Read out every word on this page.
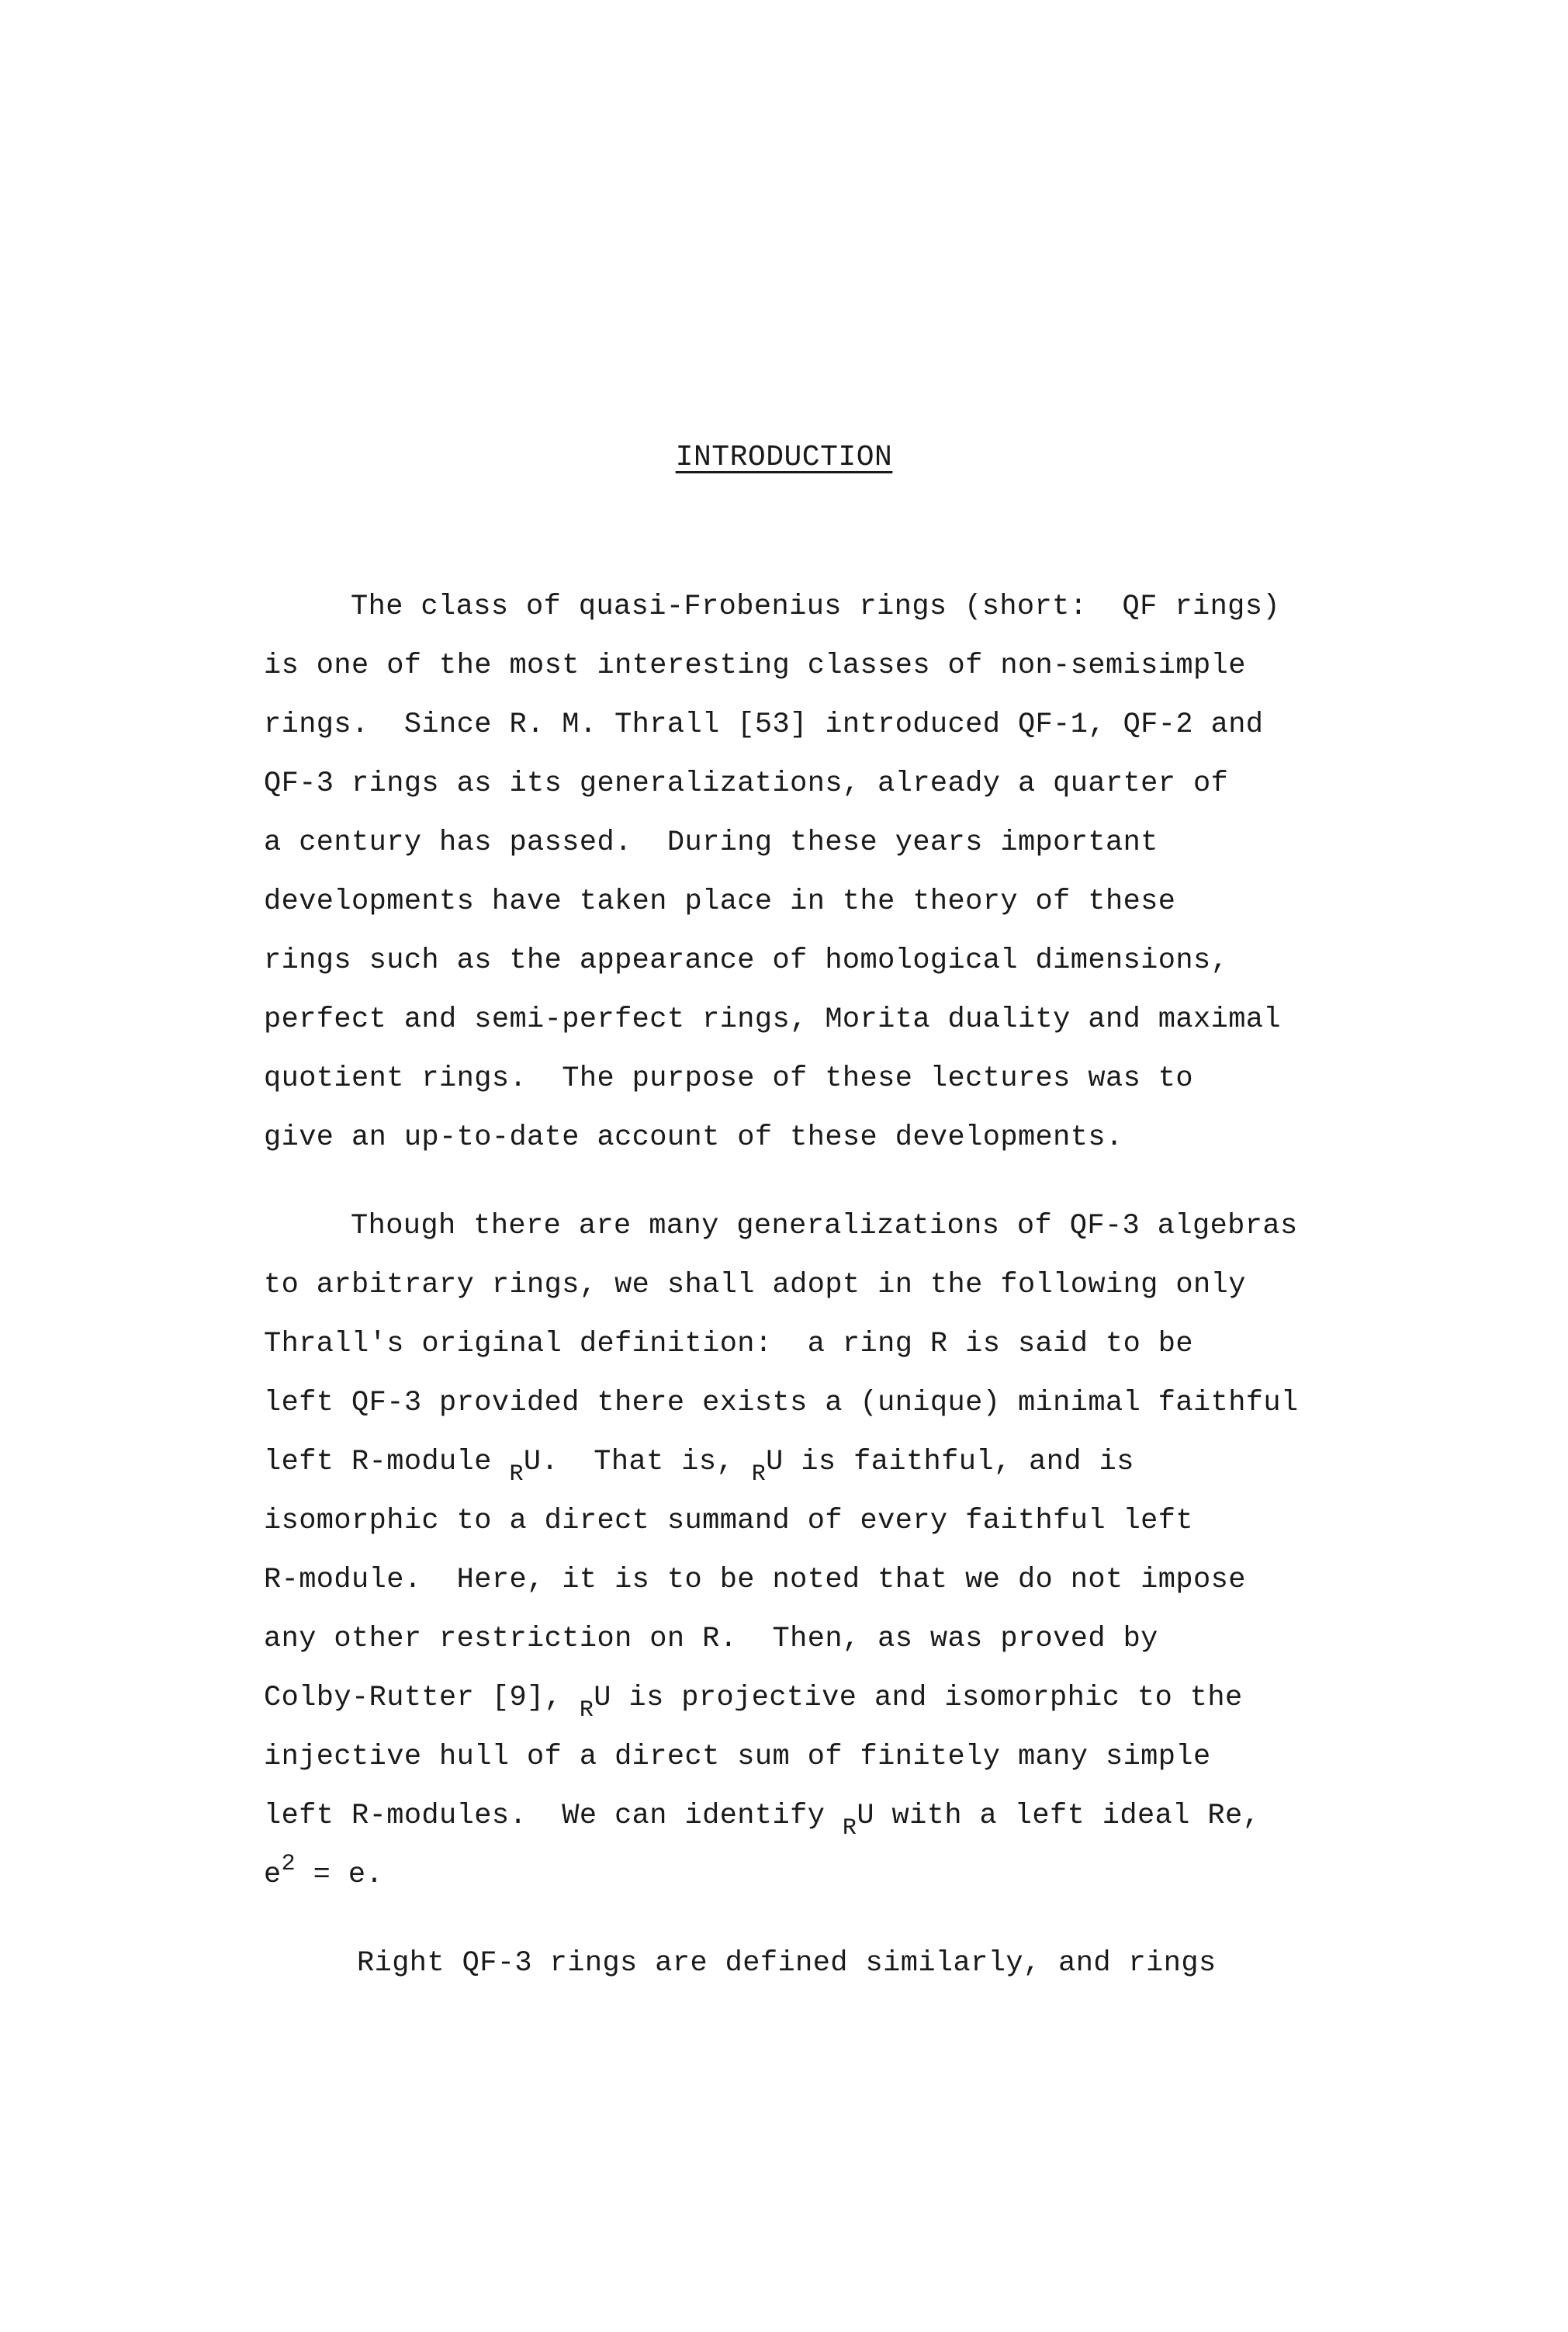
INTRODUCTION
The class of quasi-Frobenius rings (short:  QF rings)
is one of the most interesting classes of non-semisimple
rings.  Since R. M. Thrall [53] introduced QF-1, QF-2 and
QF-3 rings as its generalizations, already a quarter of
a century has passed.  During these years important
developments have taken place in the theory of these
rings such as the appearance of homological dimensions,
perfect and semi-perfect rings, Morita duality and maximal
quotient rings.  The purpose of these lectures was to
give an up-to-date account of these developments.
Though there are many generalizations of QF-3 algebras
to arbitrary rings, we shall adopt in the following only
Thrall's original definition:  a ring R is said to be
left QF-3 provided there exists a (unique) minimal faithful
left R-module $_R$U.  That is, $_R$U is faithful, and is
isomorphic to a direct summand of every faithful left
R-module.  Here, it is to be noted that we do not impose
any other restriction on R.  Then, as was proved by
Colby-Rutter [9], $_R$U is projective and isomorphic to the
injective hull of a direct sum of finitely many simple
left R-modules.  We can identify $_R$U with a left ideal Re,
$e^2 = e$.
Right QF-3 rings are defined similarly, and rings
